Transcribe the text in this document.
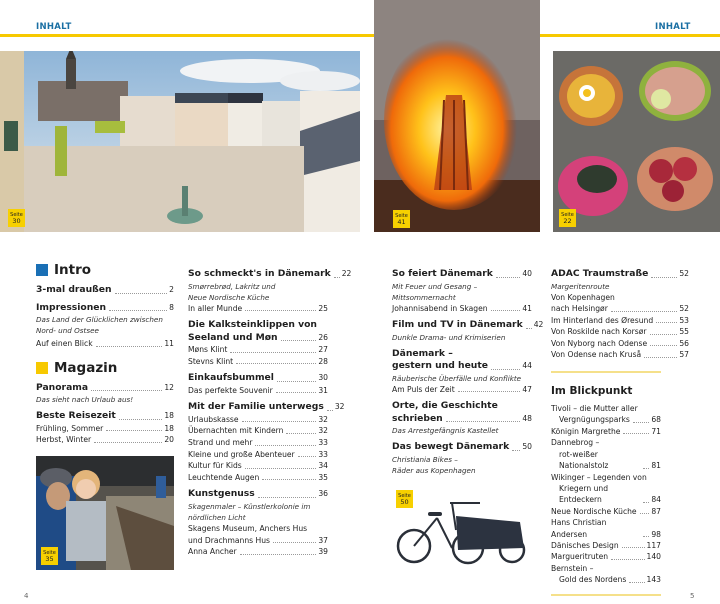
INHALT	INHALT
Seite
30
Seite
41
Seite
22
Intro
3-mal draußen	2
Impressionen	8
Das Land der Glücklichen zwischen
Nord- und Ostsee
Auf einen Blick	11
Magazin
Panorama	12
Das sieht nach Urlaub aus!
Beste Reisezeit	18
Frühling, Sommer	18
Herbst, Winter	20
Seite
35
So schmeckt's in Dänemark 22
Smørrebrød, Lakritz und
Neue Nordische Küche
In aller Munde	25
Die Kalksteinklippen von
Seeland und Møn	26
Møns Klint	27
Stevns Klint	28
Einkaufsbummel	30
Das perfekte Souvenir	31
Mit der Familie unterwegs 32
Urlaubskasse	32
Übernachten mit Kindern	32
Strand und mehr	33
Kleine und große Abenteuer	33
Kultur für Kids	34
Leuchtende Augen	35
Kunstgenuss	36
Skagenmaler – Künstlerkolonie im
nördlichen Licht
Skagens Museum, Anchers Hus
und Drachmanns Hus	37
Anna Ancher	39
So feiert Dänemark	40
Mit Feuer und Gesang –
Mittsommernacht
Johannisabend in Skagen	41
Film und TV in Dänemark 42
Dunkle Drama- und Krimiserien
Dänemark –
gestern und heute	44
Räuberische Überfälle und Konflikte
Am Puls der Zeit	47
Orte, die Geschichte
schrieben	48
Das Arrestgefängnis Kastellet
Das bewegt Dänemark 50
Christiania Bikes –
Räder aus Kopenhagen
Seite
50
ADAC Traumstraße	52
Margeritenroute
Von Kopenhagen
nach Helsingør	52
Im Hinterland des Øresund	53
Von Roskilde nach Korsør	55
Von Nyborg nach Odense	56
Von Odense nach Kruså	57
Im Blickpunkt
Tivoli – die Mutter aller
Vergnügungsparks	68
Königin Margrethe	71
Dannebrog –
rot-weißer Nationalstolz	81
Wikinger – Legenden von
Kriegern und Entdeckern	84
Neue Nordische Küche 87
Hans Christian Andersen	98
Dänisches Design	117
Margueritruten	140
Bernstein –
Gold des Nordens	143
4	5
